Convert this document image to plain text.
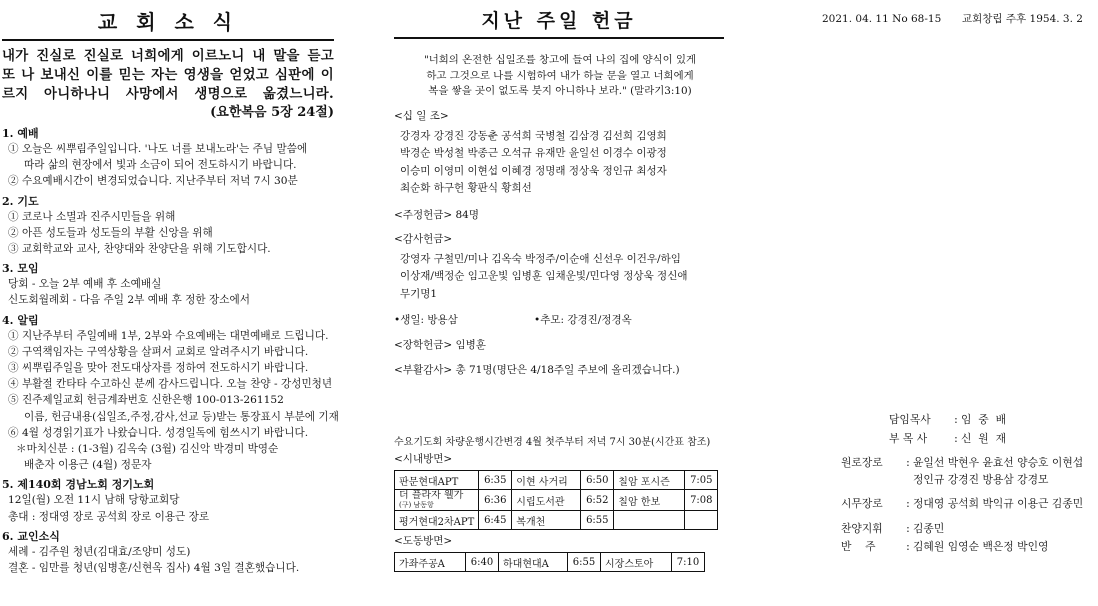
교 회 소 식
내가 진실로 진실로 너희에게 이르노니 내 말을 듣고
또 나 보내신 이를 믿는 자는 영생을 얻었고 심판에 이
르지 아니하나니 사망에서 생명으로 옮겼느니라.
(요한복음 5장 24절)
1. 예배
① 오늘은 씨뿌림주일입니다. '나도 너를 보내노라'는 주님 말씀에
따라 삶의 현장에서 빛과 소금이 되어 전도하시기 바랍니다.
② 수요예배시간이 변경되었습니다. 지난주부터 저녁 7시 30분
2. 기도
① 코로나 소멸과 진주시민들을 위해
② 아픈 성도들과 성도들의 부활 신앙을 위해
③ 교회학교와 교사, 찬양대와 찬양단을 위해 기도합시다.
3. 모임
당회 - 오늘 2부 예배 후 소예배실
신도회월례회 - 다음 주일 2부 예배 후 정한 장소에서
4. 알림
① 지난주부터 주일예배 1부, 2부와 수요예배는 대면예배로 드립니다.
② 구역책임자는 구역상황을 살펴서 교회로 알려주시기 바랍니다.
③ 씨뿌림주일을 맞아 전도대상자를 정하여 전도하시기 바랍니다.
④ 부활절 칸타타 수고하신 분께 감사드립니다. 오늘 찬양 - 강성민청년
⑤ 진주제일교회 헌금계좌번호 신한은행 100-013-261152
이름, 헌금내용(십일조,주정,감사,선교 등)받는 통장표시 부분에 기재
⑥ 4월 성경읽기표가 나왔습니다. 성경일독에 힘쓰시기 바랍니다.
＊마치신분 : (1-3월) 김옥숙 (3월) 김신악 박경미 박영순
배춘자 이용근 (4월) 정문자
5. 제140회 경남노회 정기노회
12일(월) 오전 11시 남해 당항교회당
총대 : 정대영 장로 공석희 장로 이용근 장로
6. 교인소식
세례 - 김주원 청년(김대효/조양미 성도)
결혼 - 임만를 청년(임병훈/신현옥 집사) 4월 3일 결혼했습니다.
지난 주일 헌금
"너희의 온전한 십일조를 창고에 들여 나의 집에 양식이 있게
하고 그것으로 나를 시험하여 내가 하늘 문을 열고 너희에게
복을 쌓을 곳이 없도록 붓지 아니하나 보라." (말라기3:10)
<십 일 조>
강경자 강경진 강동춘 공석희 국병철 김삼경 김선희 김영희
박경순 박성철 박종근 오석규 유재만 윤일선 이경수 이광정
이승미 이영미 이현섭 이혜경 정명래 정상욱 정인규 최성자
최순화 하구헌 황판식 황희선
<주정헌금> 84명
<감사헌금>
강영자 구철민/미나 김옥숙 박정주/이순애 신선우 이건우/하임
이상재/백정순 임고운빛 임병훈 임채운빛/민다영 정상욱 정신애
무기명1
•생일: 방용삼	•추모: 강경진/정경옥
<장학헌금> 임병훈
<부활감사> 총 71명(명단은 4/18주일 주보에 올리겠습니다.)
수요기도회 차량운행시간변경 4월 첫주부터 저녁 7시 30분(시간표 참조)
<시내방면>
판문현대APT	6:35	이현 사거리	6:50	칠암 포시즌	7:05
더 플라자 웰가
(구) 남동항	6:36	시립도서관	6:52	칠암 한보	7:08
평거현대2차APT	6:45	복개천	6:55		
<도동방면>
가좌주공A	6:40	하대현대A	6:55	시장스토아	7:10
2021. 04. 11 No 68-15 교회창립 주후 1954. 3. 2
담임목사	: 임  중  배
부 목 사	: 신  원  재
원로장로	: 윤일선 박현우 윤효선 양승호 이현섭 정인규 강경진 방용삼 강경모
시무장로	: 정대영 공석희 박익규 이용근 김종민
찬양지휘	: 김종민
반    주	: 김혜원 임영순 백은정 박인영
